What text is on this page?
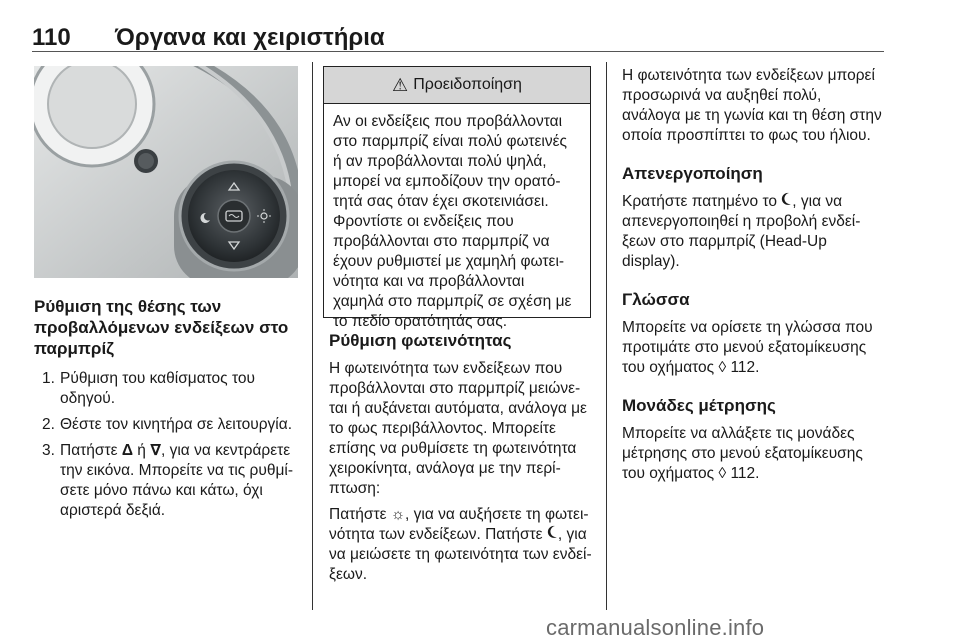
110 Όργανα και χειριστήρια
Ρύθμιση της θέσης των
προβαλλόμενων ενδείξεων στο
παρμπρίζ
1. Ρύθμιση του καθίσματος του
οδηγού.
2. Θέστε τον κινητήρα σε λειτουργία.
3. Πατήστε Δ ή ∇, για να κεντράρετε
την εικόνα. Μπορείτε να τις ρυθμί-
σετε μόνο πάνω και κάτω, όχι
αριστερά δεξιά.
⚠ Προειδοποίηση
Αν οι ενδείξεις που προβάλλονται
στο παρμπρίζ είναι πολύ φωτεινές
ή αν προβάλλονται πολύ ψηλά,
μπορεί να εμποδίζουν την ορατό-
τητά σας όταν έχει σκοτεινιάσει.
Φροντίστε οι ενδείξεις που
προβάλλονται στο παρμπρίζ να
έχουν ρυθμιστεί με χαμηλή φωτει-
νότητα και να προβάλλονται
χαμηλά στο παρμπρίζ σε σχέση με
το πεδίο ορατότητάς σας.
Ρύθμιση φωτεινότητας

Η φωτεινότητα των ενδείξεων που
προβάλλονται στο παρμπρίζ μειώνε-
ται ή αυξάνεται αυτόματα, ανάλογα με
το φως περιβάλλοντος. Μπορείτε
επίσης να ρυθμίσετε τη φωτεινότητα
χειροκίνητα, ανάλογα με την περί-
πτωση:

Πατήστε ☼, για να αυξήσετε τη φωτει-
νότητα των ενδείξεων. Πατήστε , για
να μειώσετε τη φωτεινότητα των ενδεί-
ξεων.

Η φωτεινότητα των ενδείξεων μπορεί
προσωρινά να αυξηθεί πολύ,
ανάλογα με τη γωνία και τη θέση στην
οποία προσπίπτει το φως του ήλιου.

Απενεργοποίηση

Κρατήστε πατημένο το , για να
απενεργοποιηθεί η προβολή ενδεί-
ξεων στο παρμπρίζ (Head-Up
display).

Γλώσσα

Μπορείτε να ορίσετε τη γλώσσα που
προτιμάτε στο μενού εξατομίκευσης
του οχήματος ◊ 112.

Μονάδες μέτρησης

Μπορείτε να αλλάξετε τις μονάδες
μέτρησης στο μενού εξατομίκευσης
του οχήματος ◊ 112.

carmanualsonline.info
